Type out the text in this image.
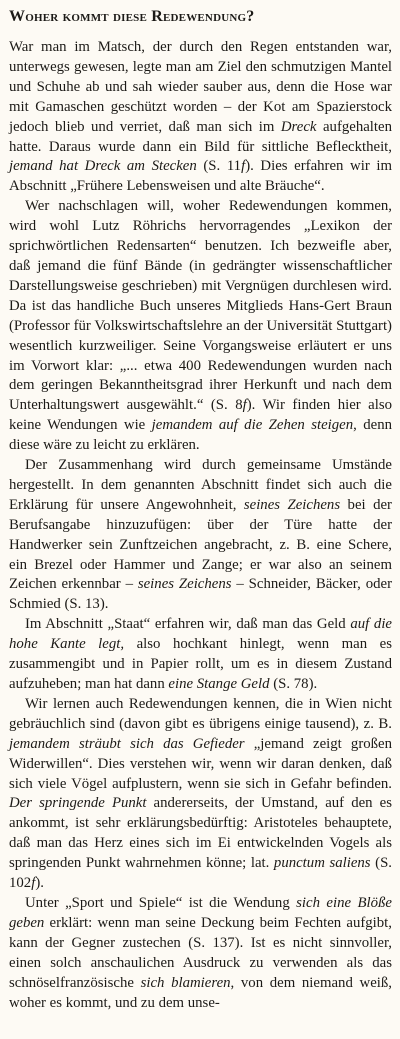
Woher kommt diese Redewendung?

War man im Matsch, der durch den Regen entstanden war, unterwegs gewesen, legte man am Ziel den schmutzigen Mantel und Schuhe ab und sah wieder sauber aus, denn die Hose war mit Gamaschen geschützt worden – der Kot am Spazierstock jedoch blieb und verriet, daß man sich im Dreck aufgehalten hatte. Daraus wurde dann ein Bild für sittliche Beflecktheit, jemand hat Dreck am Stecken (S. 11f). Dies erfahren wir im Abschnitt „Frühere Lebensweisen und alte Bräuche“.

Wer nachschlagen will, woher Redewendungen kommen, wird wohl Lutz Röhrichs hervorragendes „Lexikon der sprichwörtlichen Redensarten“ benutzen. Ich bezweifle aber, daß jemand die fünf Bände (in gedrängter wissenschaftlicher Darstellungsweise geschrieben) mit Vergnügen durchlesen wird. Da ist das handliche Buch unseres Mitglieds Hans-Gert Braun (Professor für Volkswirtschaftslehre an der Universität Stuttgart) wesentlich kurzweiliger. Seine Vorgangsweise erläutert er uns im Vorwort klar: „... etwa 400 Redewendungen wurden nach dem geringen Bekanntheitsgrad ihrer Herkunft und nach dem Unterhaltungswert ausgewählt.“ (S. 8f). Wir finden hier also keine Wendungen wie jemandem auf die Zehen steigen, denn diese wäre zu leicht zu erklären.

Der Zusammenhang wird durch gemeinsame Umstände hergestellt. In dem genannten Abschnitt findet sich auch die Erklärung für unsere Angewohnheit, seines Zeichens bei der Berufsangabe hinzuzufügen: über der Türe hatte der Handwerker sein Zunftzeichen angebracht, z. B. eine Schere, ein Brezel oder Hammer und Zange; er war also an seinem Zeichen erkennbar – seines Zeichens – Schneider, Bäcker, oder Schmied (S. 13).

Im Abschnitt „Staat“ erfahren wir, daß man das Geld auf die hohe Kante legt, also hochkant hinlegt, wenn man es zusammengibt und in Papier rollt, um es in diesem Zustand aufzuheben; man hat dann eine Stange Geld (S. 78).

Wir lernen auch Redewendungen kennen, die in Wien nicht gebräuchlich sind (davon gibt es übrigens einige tausend), z. B. jemandem sträubt sich das Gefieder „jemand zeigt großen Widerwillen“. Dies verstehen wir, wenn wir daran denken, daß sich viele Vögel aufplustern, wenn sie sich in Gefahr befinden. Der springende Punkt andererseits, der Umstand, auf den es ankommt, ist sehr erklärungsbedürftig: Aristoteles behauptete, daß man das Herz eines sich im Ei entwickelnden Vogels als springenden Punkt wahrnehmen könne; lat. punctum saliens (S. 102f).

Unter „Sport und Spiele“ ist die Wendung sich eine Blöße geben erklärt: wenn man seine Deckung beim Fechten aufgibt, kann der Gegner zustechen (S. 137). Ist es nicht sinnvoller, einen solch anschaulichen Ausdruck zu verwenden als das schnöselfranzösische sich blamieren, von dem niemand weiß, woher es kommt, und zu dem unse-
